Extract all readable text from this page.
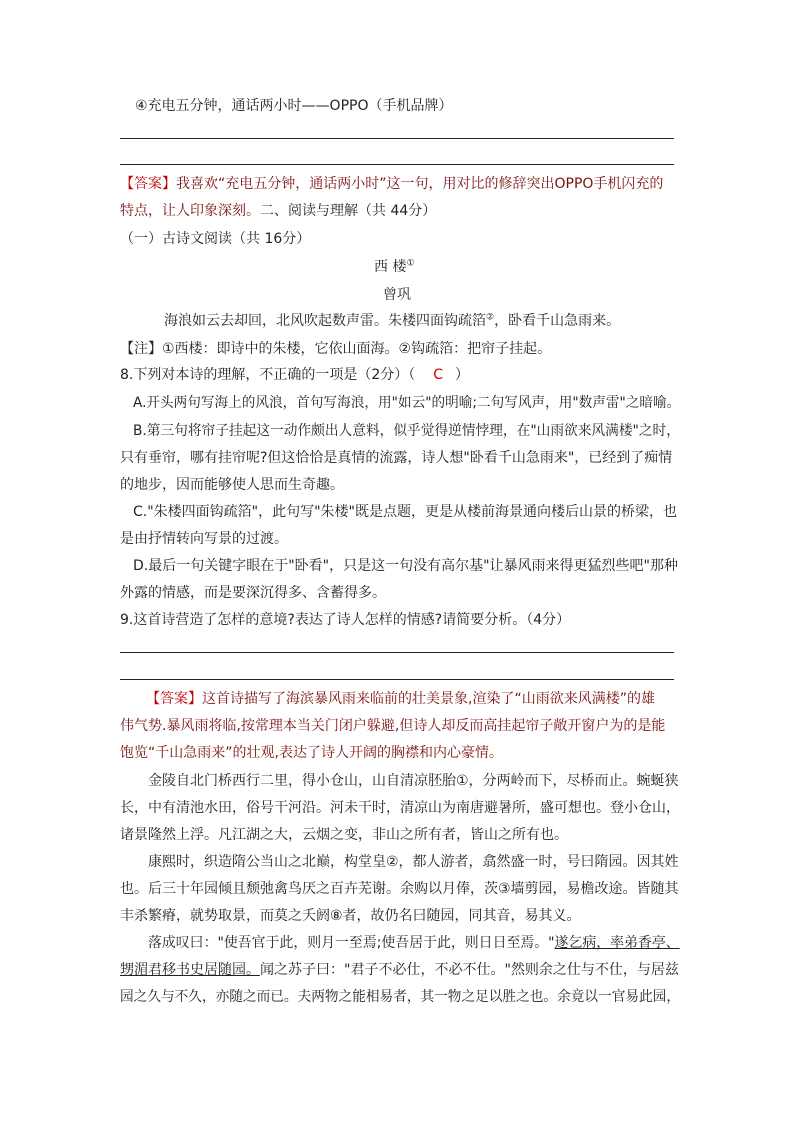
④充电五分钟，通话两小时——OPPO（手机品牌）
【答案】我喜欢“充电五分钟，通话两小时”这一句，用对比的修辞突出OPPO手机闪充的
特点，让人印象深刻。二、阅读与理解（共 44分）
（一）古诗文阅读（共 16分）
西 楼①
曾巩
海浪如云去却回，北风吹起数声雷。朱楼四面钩疏箔②，卧看千山急雨来。
【注】①西楼：即诗中的朱楼，它依山面海。②钩疏箔：把帘子挂起。
8.下列对本诗的理解，不正确的一项是（2分）（ C ）
A.开头两句写海上的风浪，首句写海浪，用"如云"的明喻;二句写风声，用"数声雷"之暗喻。
B.第三句将帘子挂起这一动作颇出人意料，似乎觉得逆情悖理，在"山雨欲来风满楼"之时，
只有垂帘，哪有挂帘呢?但这恰恰是真情的流露，诗人想"卧看千山急雨来"，已经到了痴情
的地步，因而能够使人思而生奇趣。
C."朱楼四面钩疏箔"，此句写"朱楼"既是点题，更是从楼前海景通向楼后山景的桥梁，也
是由抒情转向写景的过渡。
D.最后一句关键字眼在于"卧看"，只是这一句没有高尔基"让暴风雨来得更猛烈些吧"那种
外露的情感，而是要深沉得多、含蓄得多。
9.这首诗营造了怎样的意境?表达了诗人怎样的情感?请简要分析。（4分）
【答案】这首诗描写了海滨暴风雨来临前的壮美景象,渲染了“山雨欲来风满楼”的雄
伟气势.暴风雨将临,按常理本当关门闭户躲避,但诗人却反而高挂起帘子敞开窗户为的是能
饱览“千山急雨来”的壮观,表达了诗人开阔的胸襟和内心豪情。
金陵自北门桥西行二里，得小仓山，山自清凉胚胎①，分两岭而下，尽桥而止。蜿蜒狭
长，中有清池水田，俗号干河沿。河未干时，清凉山为南唐避暑所，盛可想也。登小仓山，
诸景隆然上浮。凡江湖之大，云烟之变，非山之所有者，皆山之所有也。
康熙时，织造隋公当山之北巅，构堂皇②，都人游者，翕然盛一时，号曰隋园。因其姓
也。后三十年园倾且颓弛禽鸟厌之百卉芜谢。余购以月俸，茨③墙剪园，易檐改途。皆随其
丰杀繁瘠，就势取景，而莫之夭阏⑧者，故仍名曰随园，同其音，易其义。
落成叹曰："使吾官于此，则月一至焉;使吾居于此，则日日至焉。"遂乞病，率弟香亭、
甥湄君移书史居随园。闻之苏子曰："君子不必仕，不必不仕。"然则余之仕与不仕，与居兹
园之久与不久，亦随之而已。夫两物之能相易者，其一物之足以胜之也。余竟以一官易此园，
